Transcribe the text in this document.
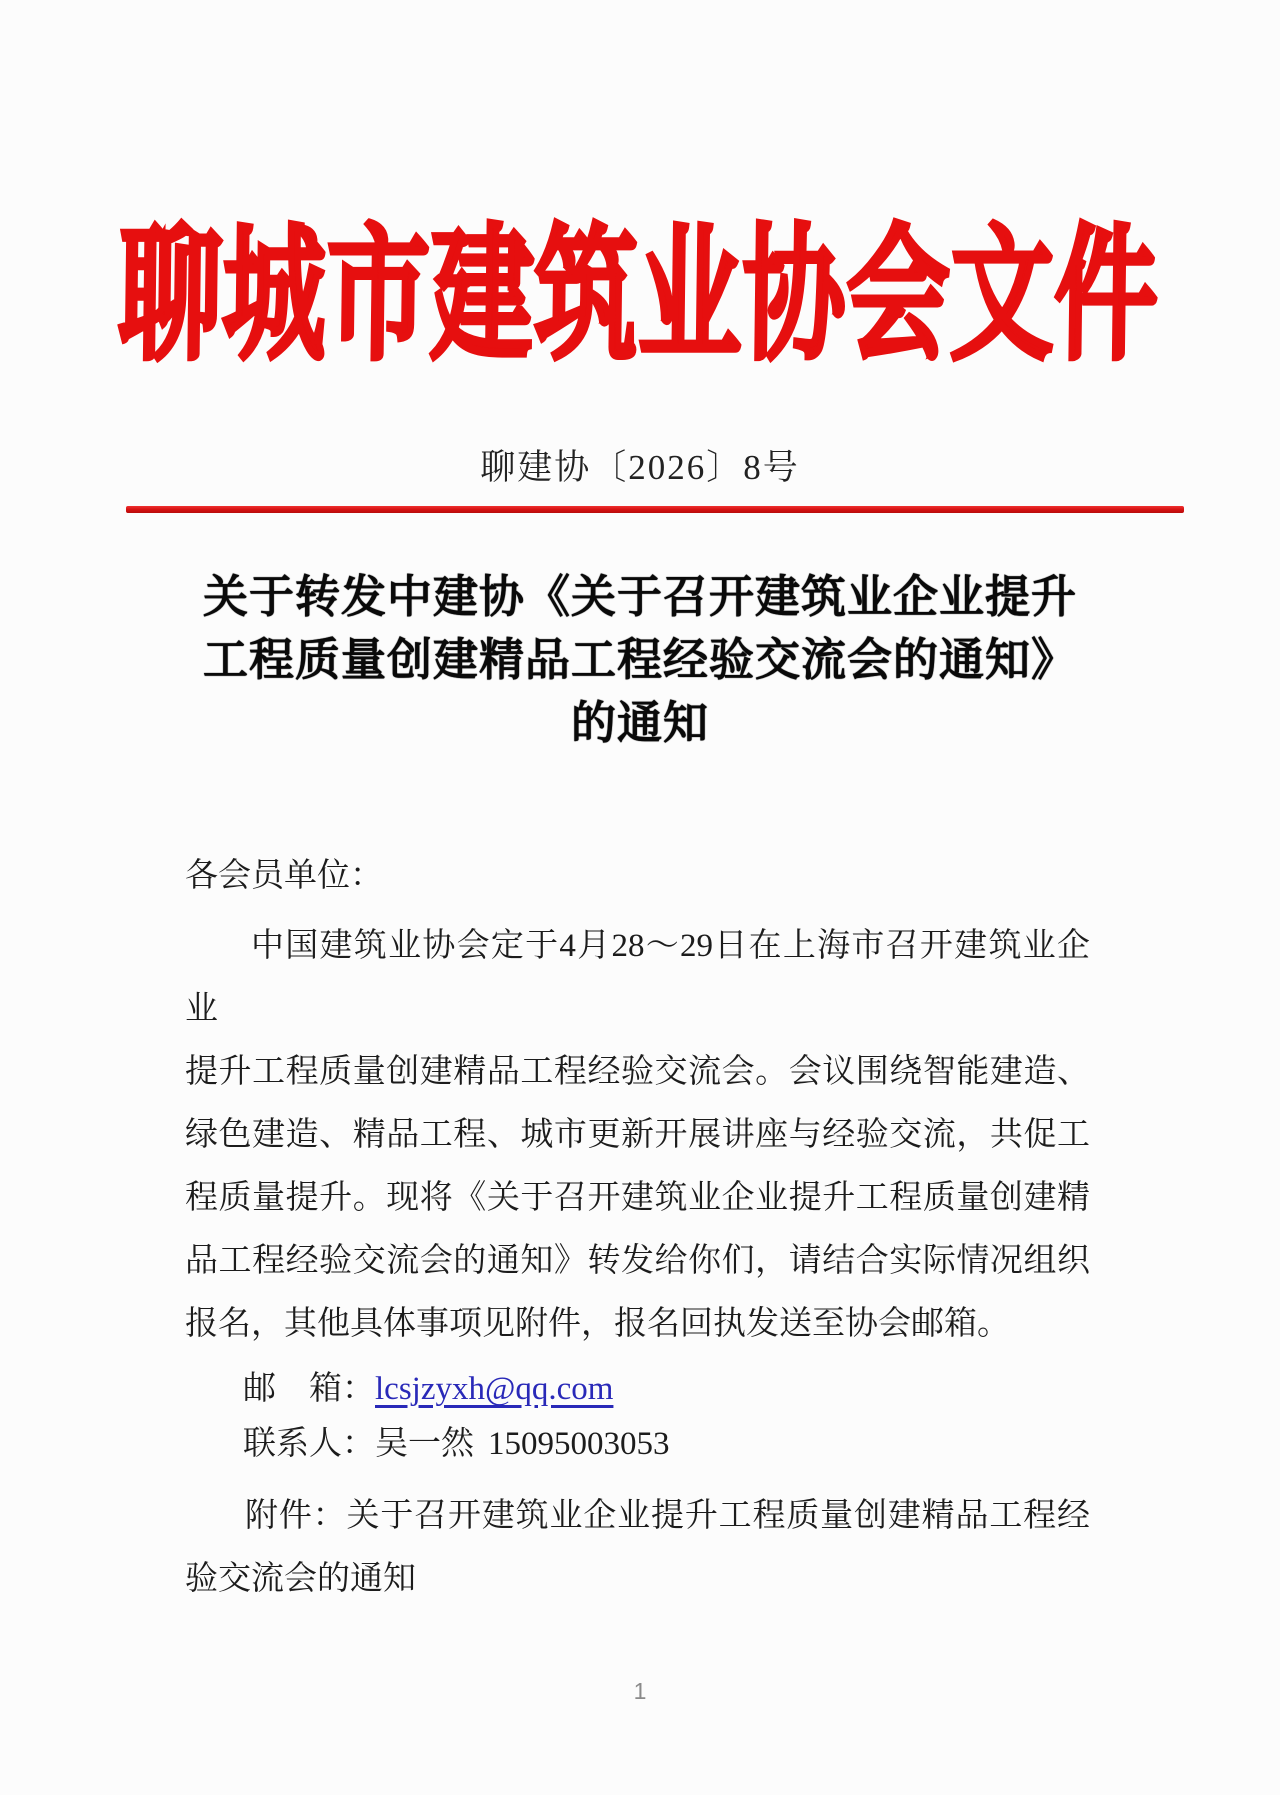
聊城市建筑业协会文件
聊建协〔2026〕8号
关于转发中建协《关于召开建筑业企业提升
工程质量创建精品工程经验交流会的通知》
的通知
各会员单位：
中国建筑业协会定于4月28～29日在上海市召开建筑业企业
提升工程质量创建精品工程经验交流会。会议围绕智能建造、
绿色建造、精品工程、城市更新开展讲座与经验交流，共促工
程质量提升。现将《关于召开建筑业企业提升工程质量创建精
品工程经验交流会的通知》转发给你们，请结合实际情况组织
报名，其他具体事项见附件，报名回执发送至协会邮箱。
邮　箱：lcsjzyxh@qq.com
联系人：吴一然 15095003053
附件：关于召开建筑业企业提升工程质量创建精品工程经
验交流会的通知
1
